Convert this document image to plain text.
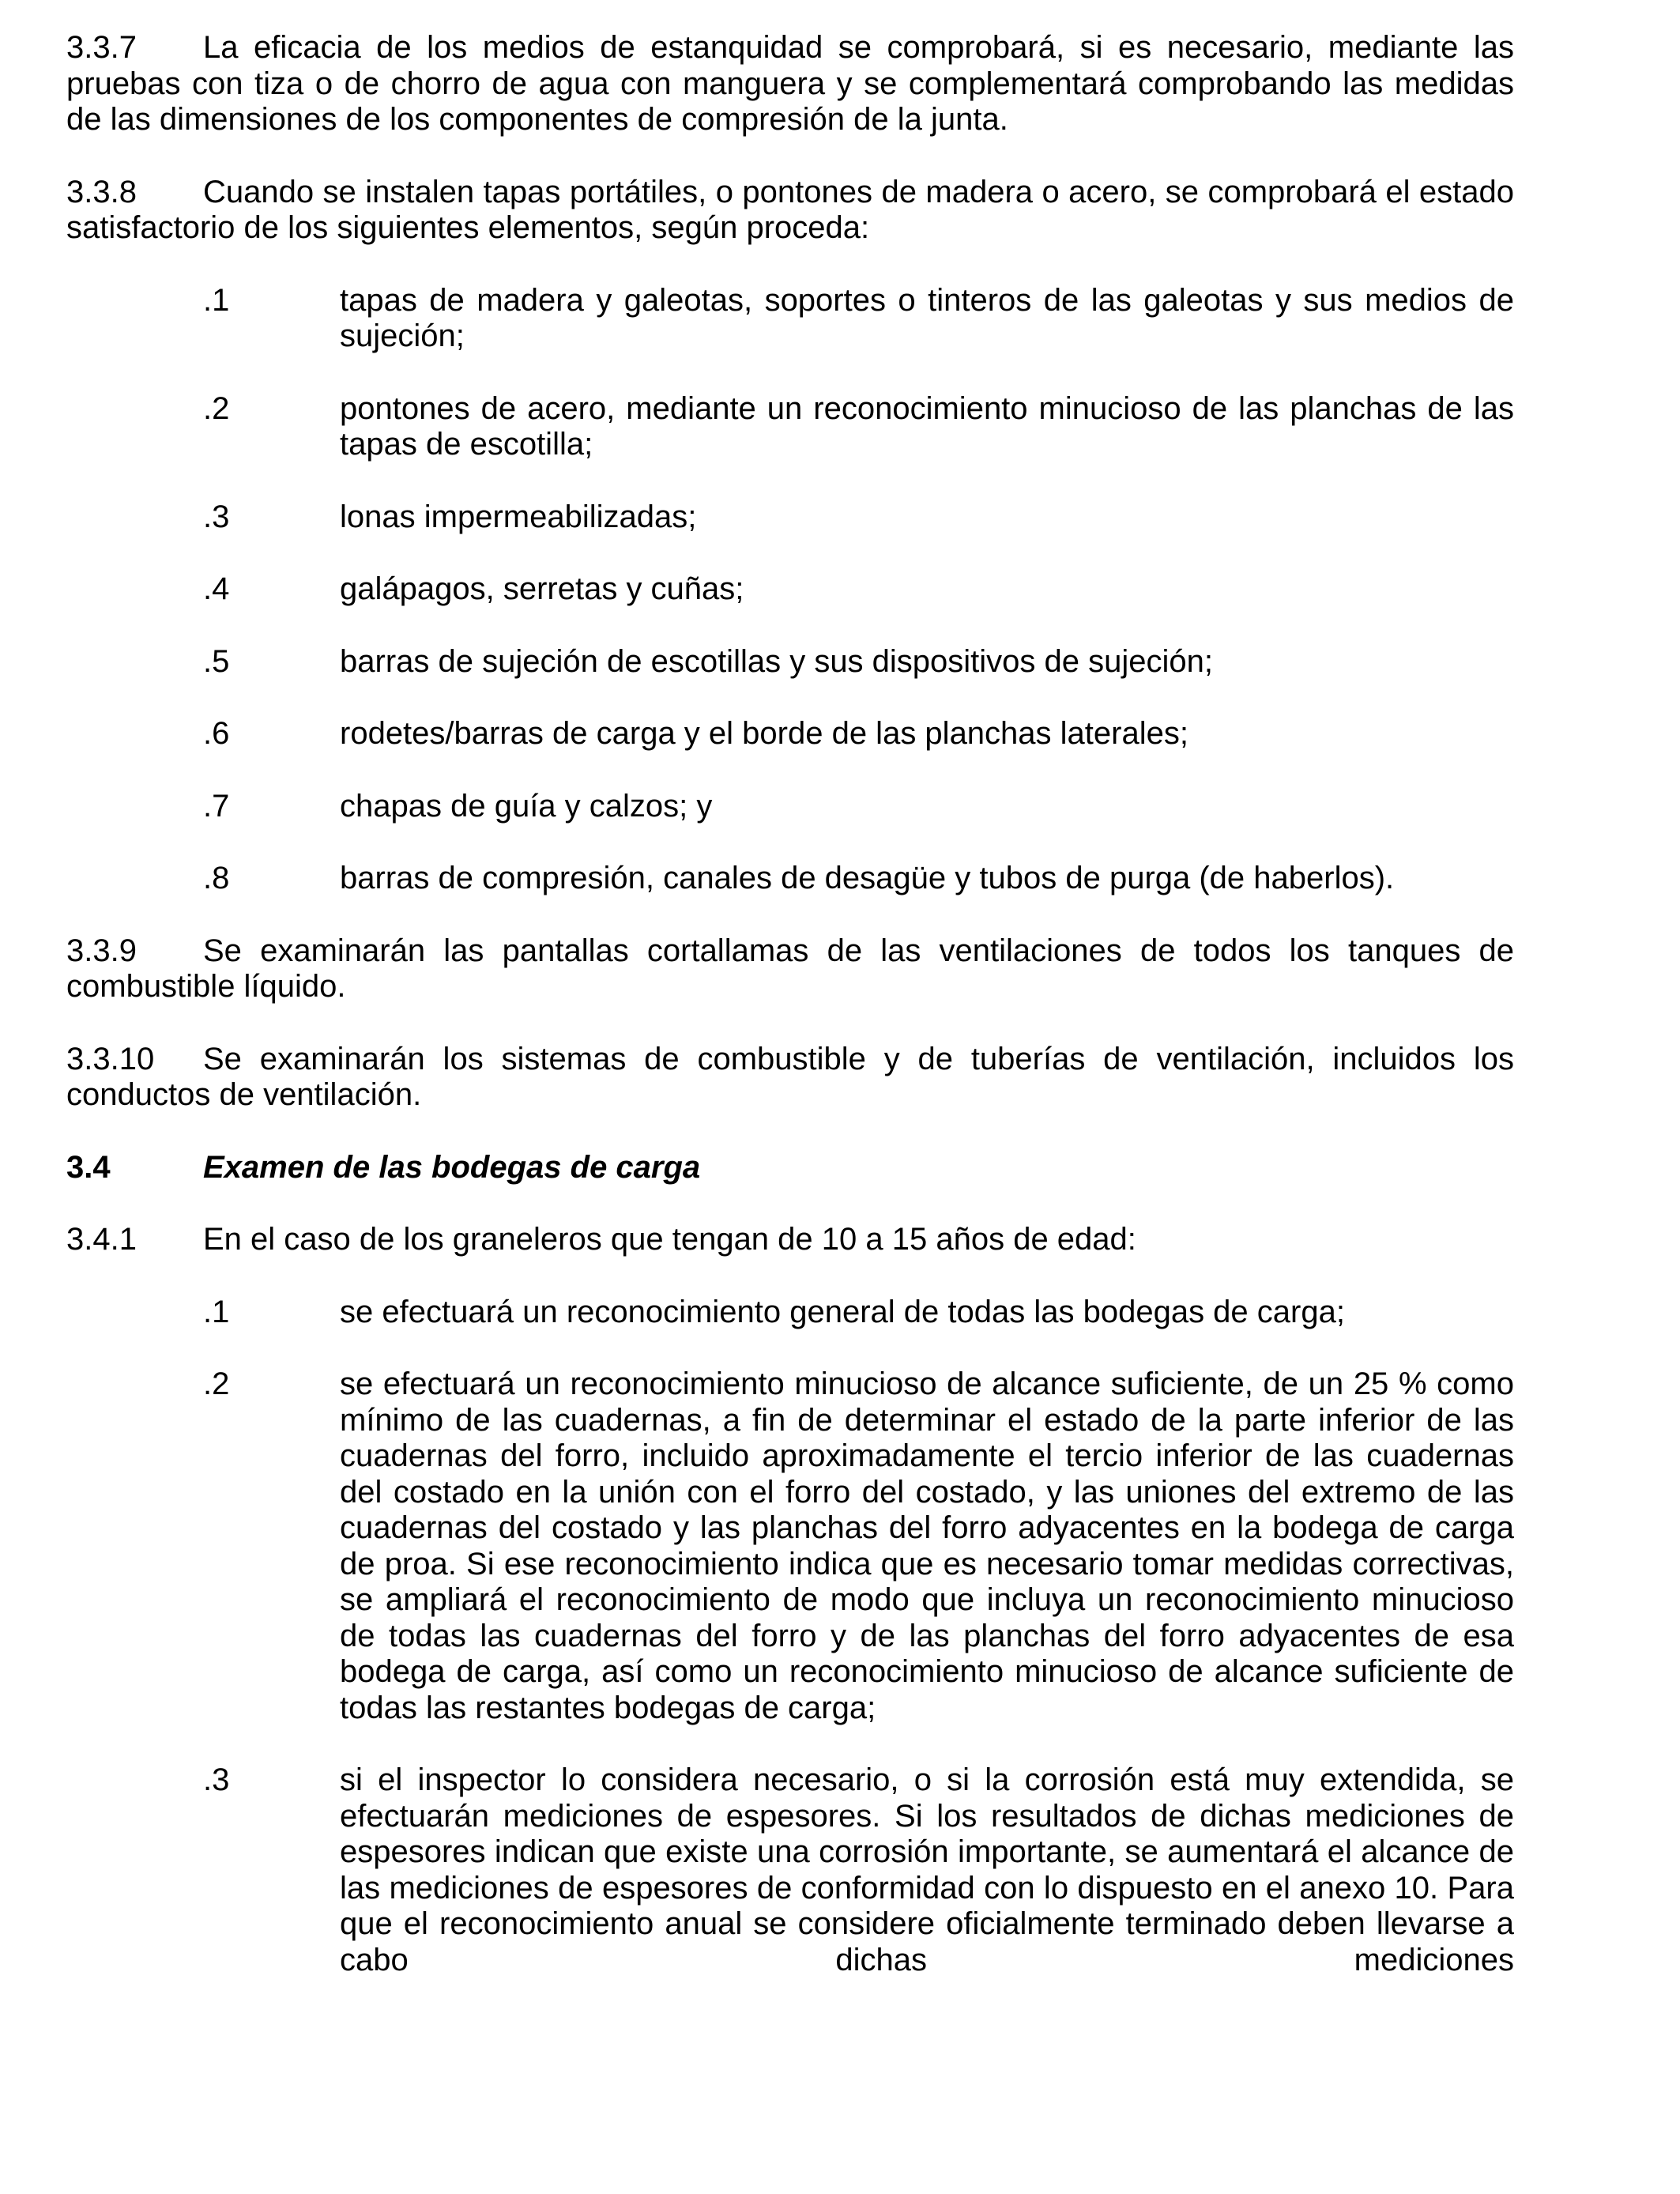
3.3.7 La eficacia de los medios de estanquidad se comprobará, si es necesario, mediante las pruebas con tiza o de chorro de agua con manguera y se complementará comprobando las medidas de las dimensiones de los componentes de compresión de la junta.

3.3.8 Cuando se instalen tapas portátiles, o pontones de madera o acero, se comprobará el estado satisfactorio de los siguientes elementos, según proceda:

.1	tapas de madera y galeotas, soportes o tinteros de las galeotas y sus medios de sujeción;
.2	pontones de acero, mediante un reconocimiento minucioso de las planchas de las tapas de escotilla;
.3	lonas impermeabilizadas;
.4	galápagos, serretas y cuñas;
.5	barras de sujeción de escotillas y sus dispositivos de sujeción;
.6	rodetes/barras de carga y el borde de las planchas laterales;
.7	chapas de guía y calzos; y
.8	barras de compresión, canales de desagüe y tubos de purga (de haberlos).

3.3.9 Se examinarán las pantallas cortallamas de las ventilaciones de todos los tanques de combustible líquido.

3.3.10 Se examinarán los sistemas de combustible y de tuberías de ventilación, incluidos los conductos de ventilación.

3.4	Examen de las bodegas de carga

3.4.1 En el caso de los graneleros que tengan de 10 a 15 años de edad:

.1	se efectuará un reconocimiento general de todas las bodegas de carga;
.2	se efectuará un reconocimiento minucioso de alcance suficiente, de un 25 % como mínimo de las cuadernas, a fin de determinar el estado de la parte inferior de las cuadernas del forro, incluido aproximadamente el tercio inferior de las cuadernas del costado en la unión con el forro del costado, y las uniones del extremo de las cuadernas del costado y las planchas del forro adyacentes en la bodega de carga de proa. Si ese reconocimiento indica que es necesario tomar medidas correctivas, se ampliará el reconocimiento de modo que incluya un reconocimiento minucioso de todas las cuadernas del forro y de las planchas del forro adyacentes de esa bodega de carga, así como un reconocimiento minucioso de alcance suficiente de todas las restantes bodegas de carga;
.3	si el inspector lo considera necesario, o si la corrosión está muy extendida, se efectuarán mediciones de espesores. Si los resultados de dichas mediciones de espesores indican que existe una corrosión importante, se aumentará el alcance de las mediciones de espesores de conformidad con lo dispuesto en el anexo 10. Para que el reconocimiento anual se considere oficialmente terminado deben llevarse a cabo dichas mediciones
